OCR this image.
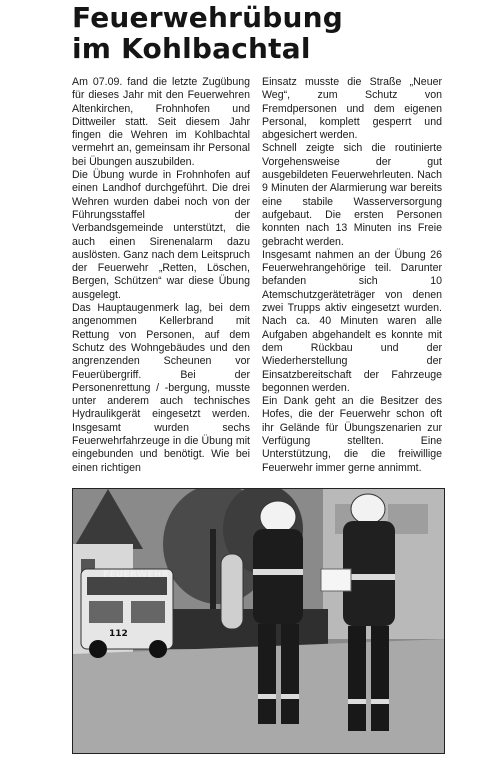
Feuerwehrübung
im Kohlbachtal

Am 07.09. fand die letzte Zugübung für dieses Jahr mit den Feuerwehren Altenkirchen, Frohnhofen und Dittweiler statt. Seit diesem Jahr fingen die Wehren im Kohlbachtal vermehrt an, gemeinsam ihr Personal bei Übungen auszubilden.

Die Übung wurde in Frohnhofen auf einen Landhof durchgeführt. Die drei Wehren wurden dabei noch von der Führungsstaffel der Verbandsgemeinde unterstützt, die auch einen Sirenenalarm dazu auslösten. Ganz nach dem Leitspruch der Feuerwehr „Retten, Löschen, Bergen, Schützen“ war diese Übung ausgelegt.

Das Hauptaugenmerk lag, bei dem angenommen Kellerbrand mit Rettung von Personen, auf dem Schutz des Wohngebäudes und den angrenzenden Scheunen vor Feuerübergriff. Bei der Personenrettung / -bergung, musste unter anderem auch technisches Hydraulikgerät eingesetzt werden. Insgesamt wurden sechs Feuerwehrfahrzeuge in die Übung mit eingebunden und benötigt. Wie bei einen richtigen

Einsatz musste die Straße „Neuer Weg“, zum Schutz von Fremdpersonen und dem eigenen Personal, komplett gesperrt und abgesichert werden.

Schnell zeigte sich die routinierte Vorgehensweise der gut ausgebildeten Feuerwehrleuten. Nach 9 Minuten der Alarmierung war bereits eine stabile Wasserversorgung aufgebaut. Die ersten Personen konnten nach 13 Minuten ins Freie gebracht werden.

Insgesamt nahmen an der Übung 26 Feuerwehrangehörige teil. Darunter befanden sich 10 Atemschutzgeräteträger von denen zwei Trupps aktiv eingesetzt wurden. Nach ca. 40 Minuten waren alle Aufgaben abgehandelt es konnte mit dem Rückbau und der Wiederherstellung der Einsatzbereitschaft der Fahrzeuge begonnen werden.

Ein Dank geht an die Besitzer des Hofes, die der Feuerwehr schon oft ihr Gelände für Übungszenarien zur Verfügung stellten. Eine Unterstützung, die die freiwillige Feuerwehr immer gerne annimmt.

FEUERWEHR
112
